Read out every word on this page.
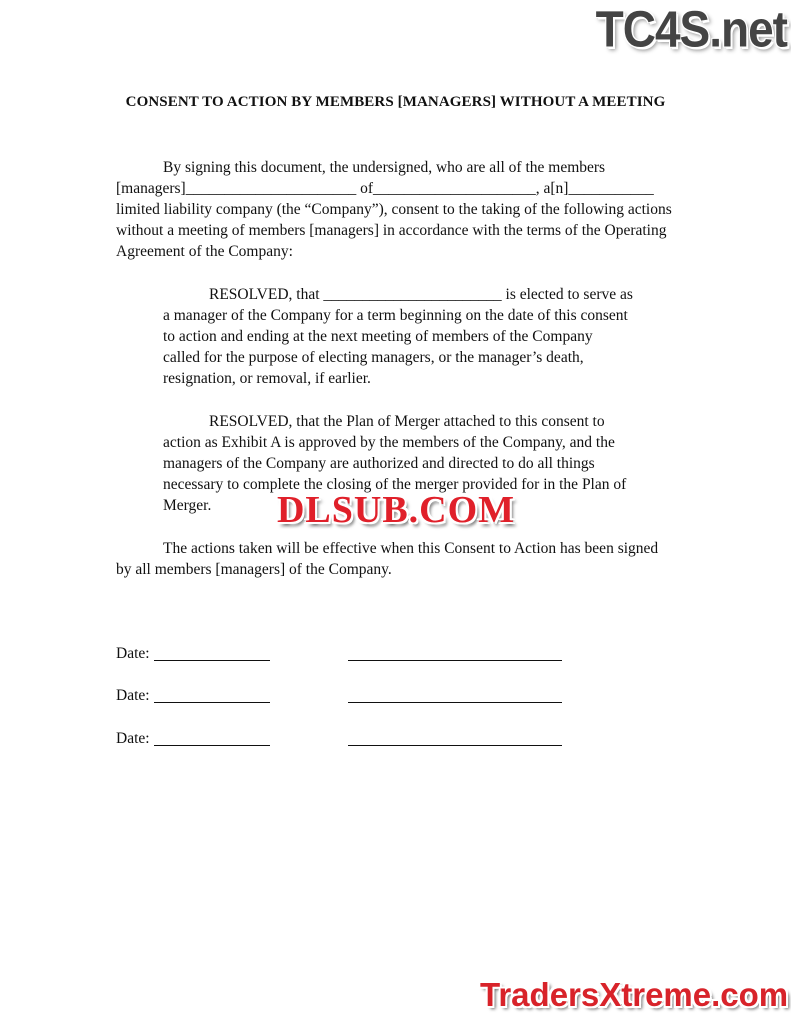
TC4S.net
CONSENT TO ACTION BY MEMBERS [MANAGERS] WITHOUT A MEETING
By signing this document, the undersigned, who are all of the members
[managers]______________________ of_____________________, a[n]___________
limited liability company (the “Company”), consent to the taking of the following actions
without a meeting of members [managers] in accordance with the terms of the Operating
Agreement of the Company:
RESOLVED, that _______________________ is elected to serve as
a manager of the Company for a term beginning on the date of this consent
to action and ending at the next meeting of members of the Company
called for the purpose of electing managers, or the manager’s death,
resignation, or removal, if earlier.
RESOLVED, that the Plan of Merger attached to this consent to
action as Exhibit A is approved by the members of the Company, and the
managers of the Company are authorized and directed to do all things
necessary to complete the closing of the merger provided for in the Plan of
Merger.	DLSUB.COM
The actions taken will be effective when this Consent to Action has been signed
by all members [managers] of the Company.
Date:
Date:
Date:
TradersXtreme.com
